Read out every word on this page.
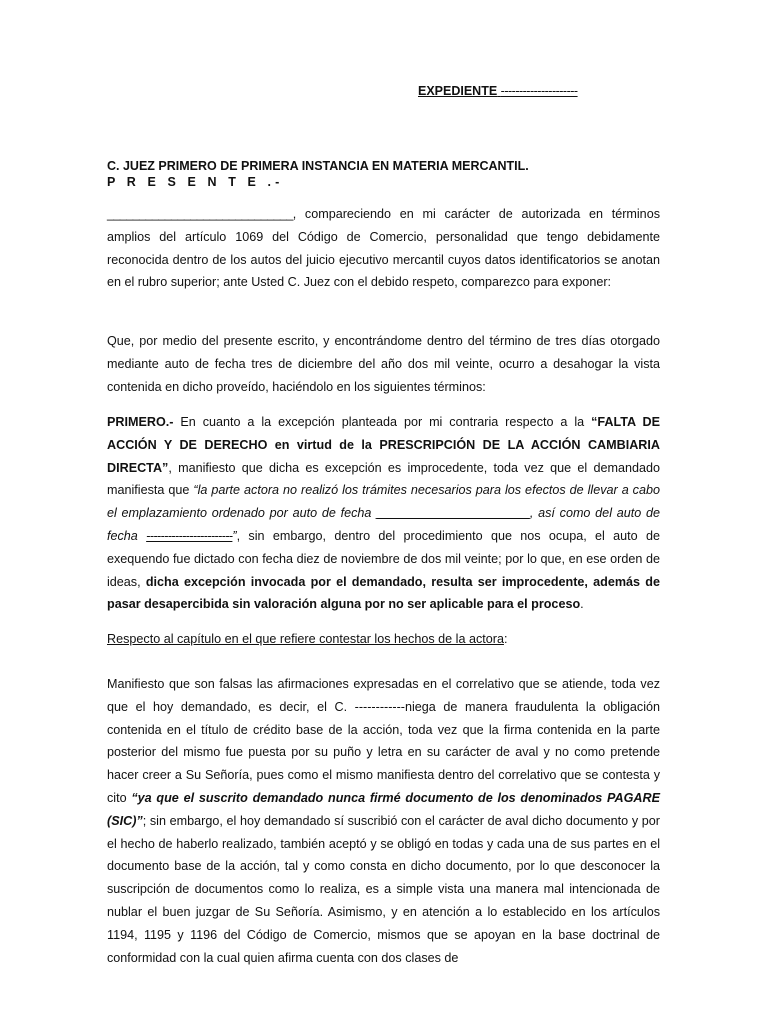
EXPEDIENTE ---------------------
C. JUEZ PRIMERO DE PRIMERA INSTANCIA EN MATERIA MERCANTIL.
P R E S E N T E .-

_____________________________, compareciendo en mi carácter de autorizada en términos amplios del artículo 1069 del Código de Comercio, personalidad que tengo debidamente reconocida dentro de los autos del juicio ejecutivo mercantil cuyos datos identificatorios se anotan en el rubro superior; ante Usted C. Juez con el debido respeto, comparezco para exponer:

Que, por medio del presente escrito, y encontrándome dentro del término de tres días otorgado mediante auto de fecha tres de diciembre del año dos mil veinte, ocurro a desahogar la vista contenida en dicho proveído, haciéndolo en los siguientes términos:

PRIMERO.- En cuanto a la excepción planteada por mi contraria respecto a la “FALTA DE ACCIÓN Y DE DERECHO en virtud de la PRESCRIPCIÓN DE LA ACCIÓN CAMBIARIA DIRECTA”, manifiesto que dicha es excepción es improcedente, toda vez que el demandado manifiesta que “la parte actora no realizó los trámites necesarios para los efectos de llevar a cabo el emplazamiento ordenado por auto de fecha ________________________, así como del auto de fecha ------------------------”, sin embargo, dentro del procedimiento que nos ocupa, el auto de exequendo fue dictado con fecha diez de noviembre de dos mil veinte; por lo que, en ese orden de ideas, dicha excepción invocada por el demandado, resulta ser improcedente, además de pasar desapercibida sin valoración alguna por no ser aplicable para el proceso.

Respecto al capítulo en el que refiere contestar los hechos de la actora:

Manifiesto que son falsas las afirmaciones expresadas en el correlativo que se atiende, toda vez que el hoy demandado, es decir, el C. ------------niega de manera fraudulenta la obligación contenida en el título de crédito base de la acción, toda vez que la firma contenida en la parte posterior del mismo fue puesta por su puño y letra en su carácter de aval y no como pretende hacer creer a Su Señoría, pues como el mismo manifiesta dentro del correlativo que se contesta y cito “ya que el suscrito demandado nunca firmé documento de los denominados PAGARE (SIC)”; sin embargo, el hoy demandado sí suscribió con el carácter de aval dicho documento y por el hecho de haberlo realizado, también aceptó y se obligó en todas y cada una de sus partes en el documento base de la acción, tal y como consta en dicho documento, por lo que desconocer la suscripción de documentos como lo realiza, es a simple vista una manera mal intencionada de nublar el buen juzgar de Su Señoría. Asimismo, y en atención a lo establecido en los artículos 1194, 1195 y 1196 del Código de Comercio, mismos que se apoyan en la base doctrinal de conformidad con la cual quien afirma cuenta con dos clases de
